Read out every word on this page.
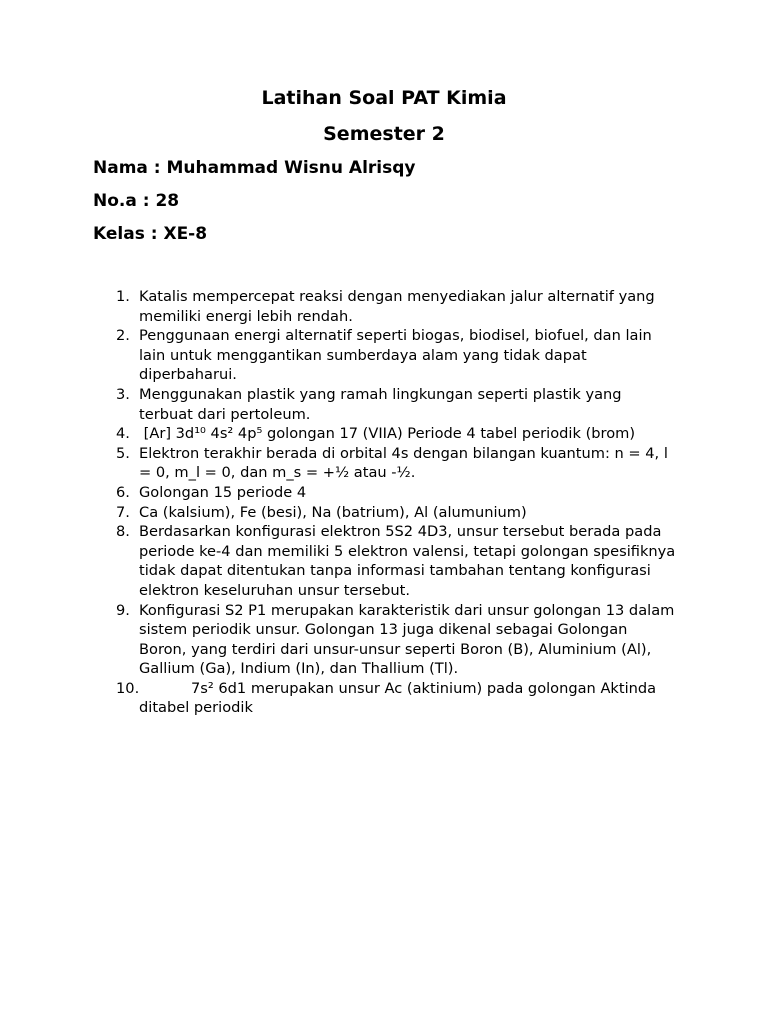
Latihan Soal PAT Kimia
Semester 2
Nama : Muhammad Wisnu Alrisqy
No.a : 28
Kelas : XE-8
1. Katalis mempercepat reaksi dengan menyediakan jalur alternatif yang memiliki energi lebih rendah.
2. Penggunaan energi alternatif seperti biogas, biodisel, biofuel, dan lain lain untuk menggantikan sumberdaya alam yang tidak dapat diperbaharui.
3. Menggunakan plastik yang ramah lingkungan seperti plastik yang terbuat dari pertoleum.
4. [Ar] 3d¹⁰ 4s² 4p⁵ golongan 17 (VIIA) Periode 4 tabel periodik (brom)
5. Elektron terakhir berada di orbital 4s dengan bilangan kuantum: n = 4, l = 0, m_l = 0, dan m_s = +½ atau -½.
6. Golongan 15 periode 4
7. Ca (kalsium), Fe (besi), Na (batrium), Al (alumunium)
8. Berdasarkan konfigurasi elektron 5S2 4D3, unsur tersebut berada pada periode ke-4 dan memiliki 5 elektron valensi, tetapi golongan spesifiknya tidak dapat ditentukan tanpa informasi tambahan tentang konfigurasi elektron keseluruhan unsur tersebut.
9. Konfigurasi S2 P1 merupakan karakteristik dari unsur golongan 13 dalam sistem periodik unsur. Golongan 13 juga dikenal sebagai Golongan Boron, yang terdiri dari unsur-unsur seperti Boron (B), Aluminium (Al), Gallium (Ga), Indium (In), dan Thallium (Tl).
10.	7s² 6d1 merupakan unsur Ac (aktinium) pada golongan Aktinda ditabel periodik
